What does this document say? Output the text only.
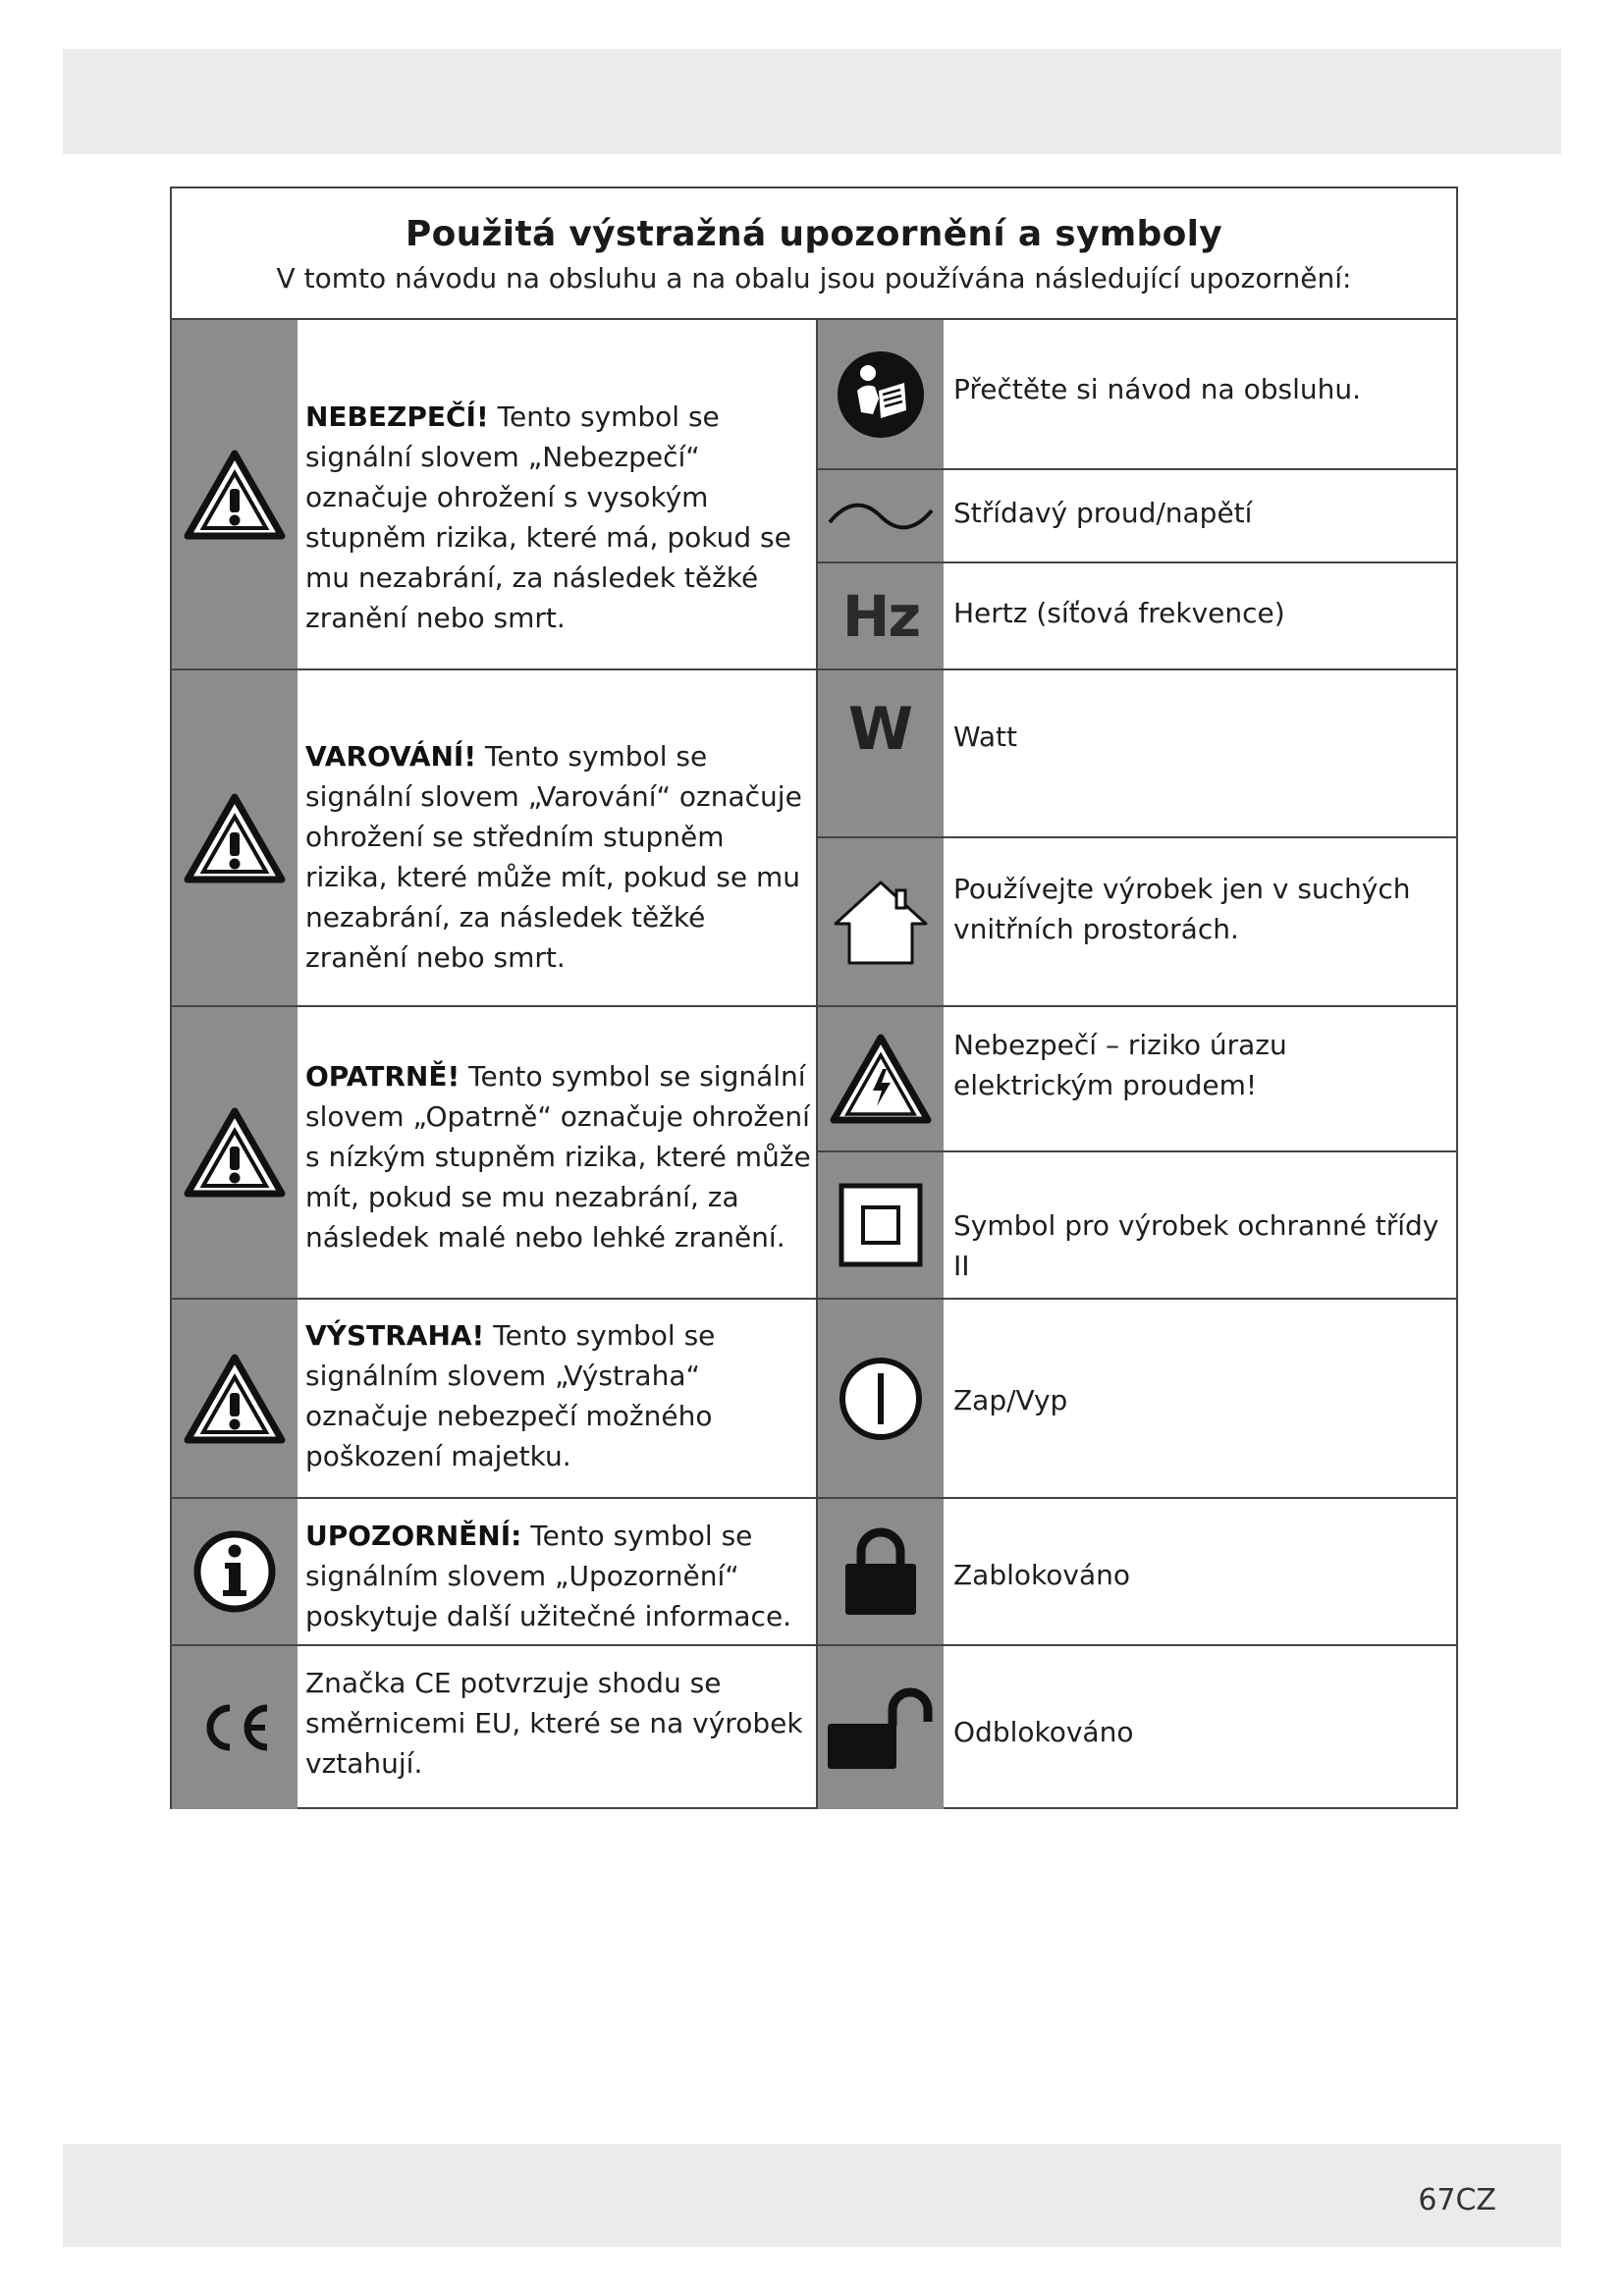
Použitá výstražná upozornění a symboly

V tomto návodu na obsluhu a na obalu jsou používána následující upozornění:

NEBEZPEČÍ! Tento symbol se signální slovem „Nebezpečí“ označuje ohrožení s vysokým stupněm rizika, které má, pokud se mu nezabrání, za následek těžké zranění nebo smrt.
VAROVÁNÍ! Tento symbol se signální slovem „Varování“ označuje ohrožení se středním stupněm rizika, které může mít, pokud se mu nezabrání, za následek těžké zranění nebo smrt.
OPATRNĚ! Tento symbol se signální slovem „Opatrně“ označuje ohrožení s nízkým stupněm rizika, které může mít, pokud se mu nezabrání, za následek malé nebo lehké zranění.
VÝSTRAHA! Tento symbol se signálním slovem „Výstraha“ označuje nebezpečí možného poškození majetku.
UPOZORNĚNÍ: Tento symbol se signálním slovem „Upozornění“ poskytuje další užitečné informace.
Značka CE potvrzuje shodu se směrnicemi EU, které se na výrobek vztahují.
Přečtěte si návod na obsluhu.
Střídavý proud/napětí
Hz Hertz (síťová frekvence)
W Watt
Používejte výrobek jen v suchých vnitřních prostorách.
Nebezpečí – riziko úrazu elektrickým proudem!
Symbol pro výrobek ochranné třídy II
Zap/Vyp
Zablokováno
Odblokováno
67CZ
